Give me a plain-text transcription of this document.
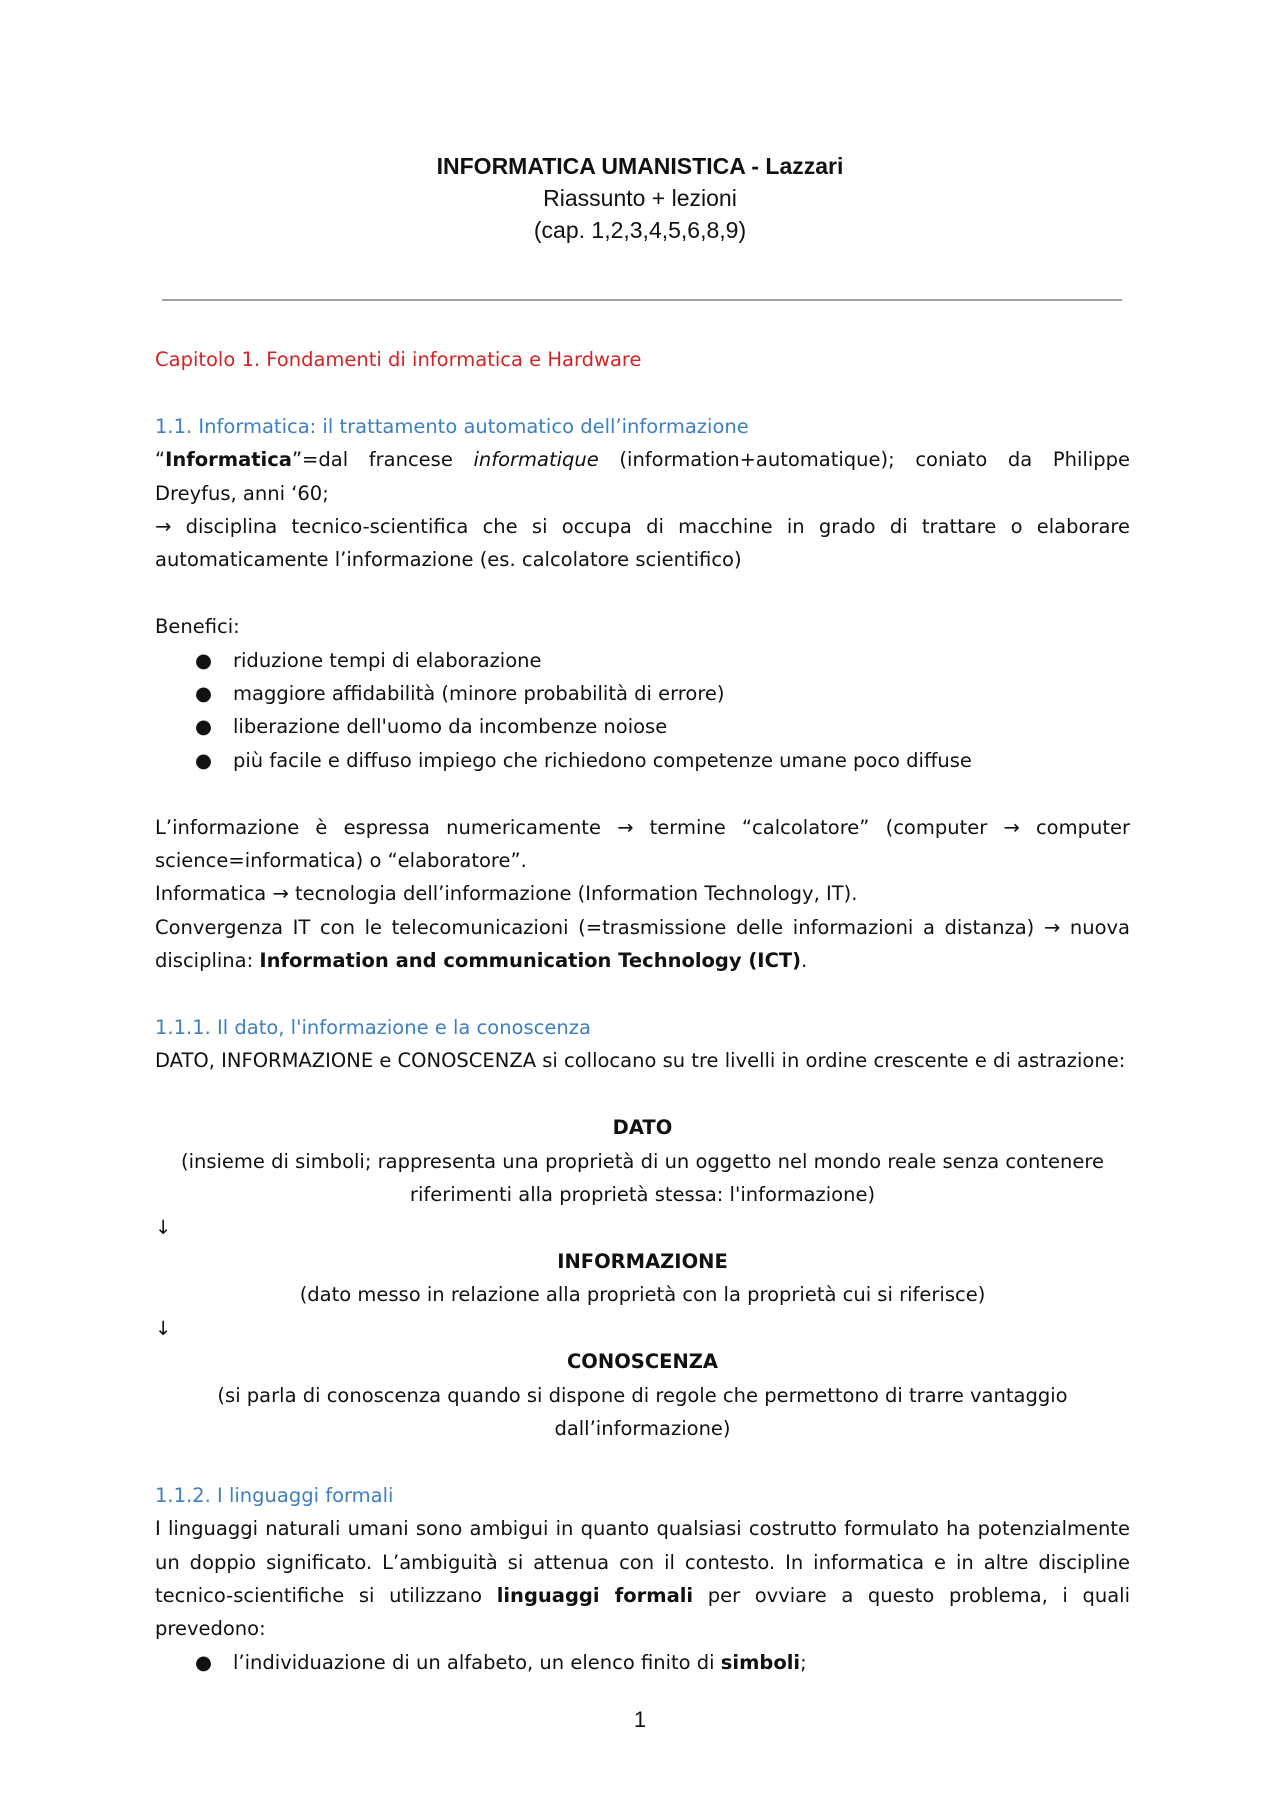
INFORMATICA UMANISTICA - Lazzari
Riassunto + lezioni
(cap. 1,2,3,4,5,6,8,9)

Capitolo 1. Fondamenti di informatica e Hardware

1.1. Informatica: il trattamento automatico dell’informazione

“Informatica”=dal francese informatique (information+automatique); coniato da Philippe Dreyfus, anni ‘60;

→ disciplina tecnico-scientifica che si occupa di macchine in grado di trattare o elaborare automaticamente l’informazione (es. calcolatore scientifico)

Benefici:

● riduzione tempi di elaborazione
● maggiore affidabilità (minore probabilità di errore)
● liberazione dell'uomo da incombenze noiose
● più facile e diffuso impiego che richiedono competenze umane poco diffuse

L’informazione è espressa numericamente → termine “calcolatore” (computer → computer science=informatica) o “elaboratore”.

Informatica → tecnologia dell’informazione (Information Technology, IT).

Convergenza IT con le telecomunicazioni (=trasmissione delle informazioni a distanza) → nuova disciplina: Information and communication Technology (ICT).

1.1.1. Il dato, l'informazione e la conoscenza

DATO, INFORMAZIONE e CONOSCENZA si collocano su tre livelli in ordine crescente e di astrazione:

DATO

(insieme di simboli; rappresenta una proprietà di un oggetto nel mondo reale senza contenere

riferimenti alla proprietà stessa: l'informazione)

↓

INFORMAZIONE

(dato messo in relazione alla proprietà con la proprietà cui si riferisce)

↓

CONOSCENZA

(si parla di conoscenza quando si dispone di regole che permettono di trarre vantaggio

dall’informazione)

1.1.2. I linguaggi formali

I linguaggi naturali umani sono ambigui in quanto qualsiasi costrutto formulato ha potenzialmente un doppio significato. L’ambiguità si attenua con il contesto. In informatica e in altre discipline tecnico-scientifiche si utilizzano linguaggi formali per ovviare a questo problema, i quali prevedono:

● l’individuazione di un alfabeto, un elenco finito di simboli;
1
